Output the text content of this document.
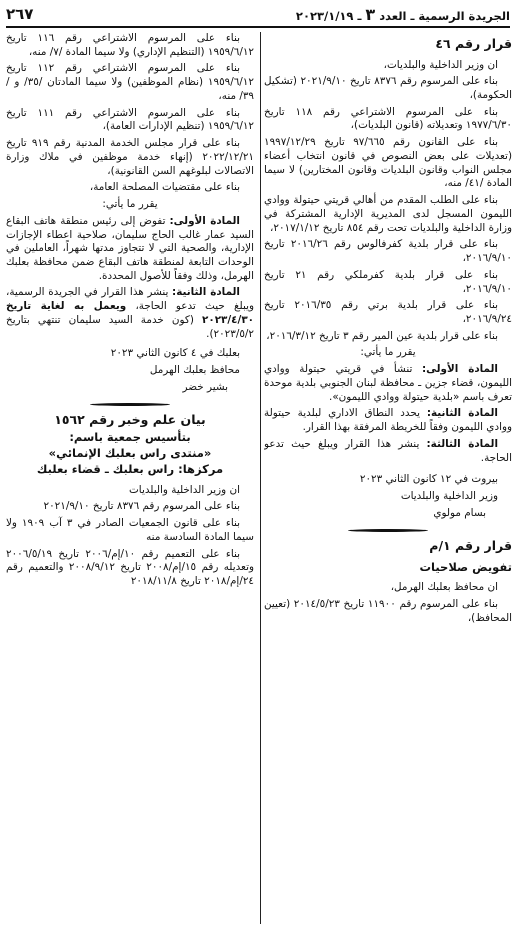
الجريدة الرسمية ـ العدد ٣ ـ ٢٠٢٣/١/١٩
٢٦٧
قرار رقم ٤٦

ان وزير الداخلية والبلديات،

بناء على المرسوم رقم ٨٣٧٦ تاريخ ٢٠٢١/٩/١٠ (تشكيل الحكومة)،

بناء على المرسوم الاشتراعي رقم ١١٨ تاريخ ١٩٧٧/٦/٣٠ وتعديلاته (قانون البلديات)،

بناء على القانون رقم ٩٧/٦٦٥ تاريخ ١٩٩٧/١٢/٢٩ (تعديلات على بعض النصوص في قانون انتخاب أعضاء مجلس النواب وقانون البلديات وقانون المختارين) لا سيما المادة /٤١/ منه،

بناء على الطلب المقدم من أهالي قريتي حيتولة ووادي الليمون المسجل لدى المديرية الإدارية المشتركة في وزارة الداخلية والبلديات تحت رقم ٨٥٤ تاريخ ٢٠١٧/١/١٢،

بناء على قرار بلدية كفرفالوس رقم ٢٠١٦/٢٦ تاريخ ٢٠١٦/٩/١٠،

بناء على قرار بلدية كفرملكي رقم ٢١ تاريخ ٢٠١٦/٩/١٠،

بناء على قرار بلدية برتي رقم ٢٠١٦/٣٥ تاريخ ٢٠١٦/٩/٢٤،

بناء على قرار بلدية عين المير رقم ٣ تاريخ ٢٠١٦/٣/١٢،

يقرر ما يأتي:

المادة الأولى: تنشأ في قريتي حيتولة ووادي الليمون، قضاء جزين ـ محافظة لبنان الجنوبي بلدية موحدة تعرف باسم «بلدية حيتولة ووادي الليمون».

المادة الثانية: يحدد النطاق الاداري لبلدية حيتولة ووادي الليمون وفقاً للخريطة المرفقة بهذا القرار.

المادة الثالثة: ينشر هذا القرار ويبلغ حيث تدعو الحاجة.

بيروت في ١٢ كانون الثاني ٢٠٢٣

وزير الداخلية والبلديات

بسام مولوي

قرار رقم ١/م
تفويض صلاحيات

ان محافظ بعلبك الهرمل،

بناء على المرسوم رقم ١١٩٠٠ تاريخ ٢٠١٤/٥/٢٣ (تعيين المحافظ)،

بناء على المرسوم الاشتراعي رقم ١١٦ تاريخ ١٩٥٩/٦/١٢ (التنظيم الإداري) ولا سيما المادة /٧/ منه،

بناء على المرسوم الاشتراعي رقم ١١٢ تاريخ ١٩٥٩/٦/١٢ (نظام الموظفين) ولا سيما المادتان /٣٥/ و /٣٩/ منه،

بناء على المرسوم الاشتراعي رقم ١١١ تاريخ ١٩٥٩/٦/١٢ (تنظيم الإدارات العامة)،

بناء على قرار مجلس الخدمة المدنية رقم ٩١٩ تاريخ ٢٠٢٢/١٢/٢١ (إنهاء خدمة موظفين في ملاك وزارة الاتصالات لبلوغهم السن القانونية)،

بناء على مقتضيات المصلحة العامة،

يقرر ما يأتي:

المادة الأولى: تفوض إلى رئيس منطقة هاتف البقاع السيد عمار غالب الحاج سليمان، صلاحية اعطاء الإجازات الإدارية، والصحية التي لا تتجاوز مدتها شهراً، العاملين في الوحدات التابعة لمنطقة هاتف البقاع ضمن محافظة بعلبك الهرمل، وذلك وفقاً للأصول المحددة.

المادة الثانية: ينشر هذا القرار في الجريدة الرسمية، ويبلغ حيث تدعو الحاجة، ويعمل به لغاية تاريخ ٢٠٢٣/٤/٣٠ (كون خدمة السيد سليمان تنتهي بتاريخ ٢٠٢٣/٥/٢).

بعلبك في ٤ كانون الثاني ٢٠٢٣

محافظ بعلبك الهرمل

بشير خضر

بيان علم وخبر رقم ١٥٦٢
بتأسيس جمعية باسم:
«منتدى راس بعلبك الإنمائي»
مركزها: راس بعلبك ـ قضاء بعلبك

ان وزير الداخلية والبلديات

بناء على المرسوم رقم ٨٣٧٦ تاريخ ٢٠٢١/٩/١٠

بناء على قانون الجمعيات الصادر في ٣ آب ١٩٠٩ ولا سيما المادة السادسة منه

بناء على التعميم رقم ١٠/إم/٢٠٠٦ تاريخ ٢٠٠٦/٥/١٩ وتعديله رقم ١٥/إم/٢٠٠٨ تاريخ ٢٠٠٨/٩/١٢ والتعميم رقم ٢٤/إم/٢٠١٨ تاريخ ٢٠١٨/١١/٨
